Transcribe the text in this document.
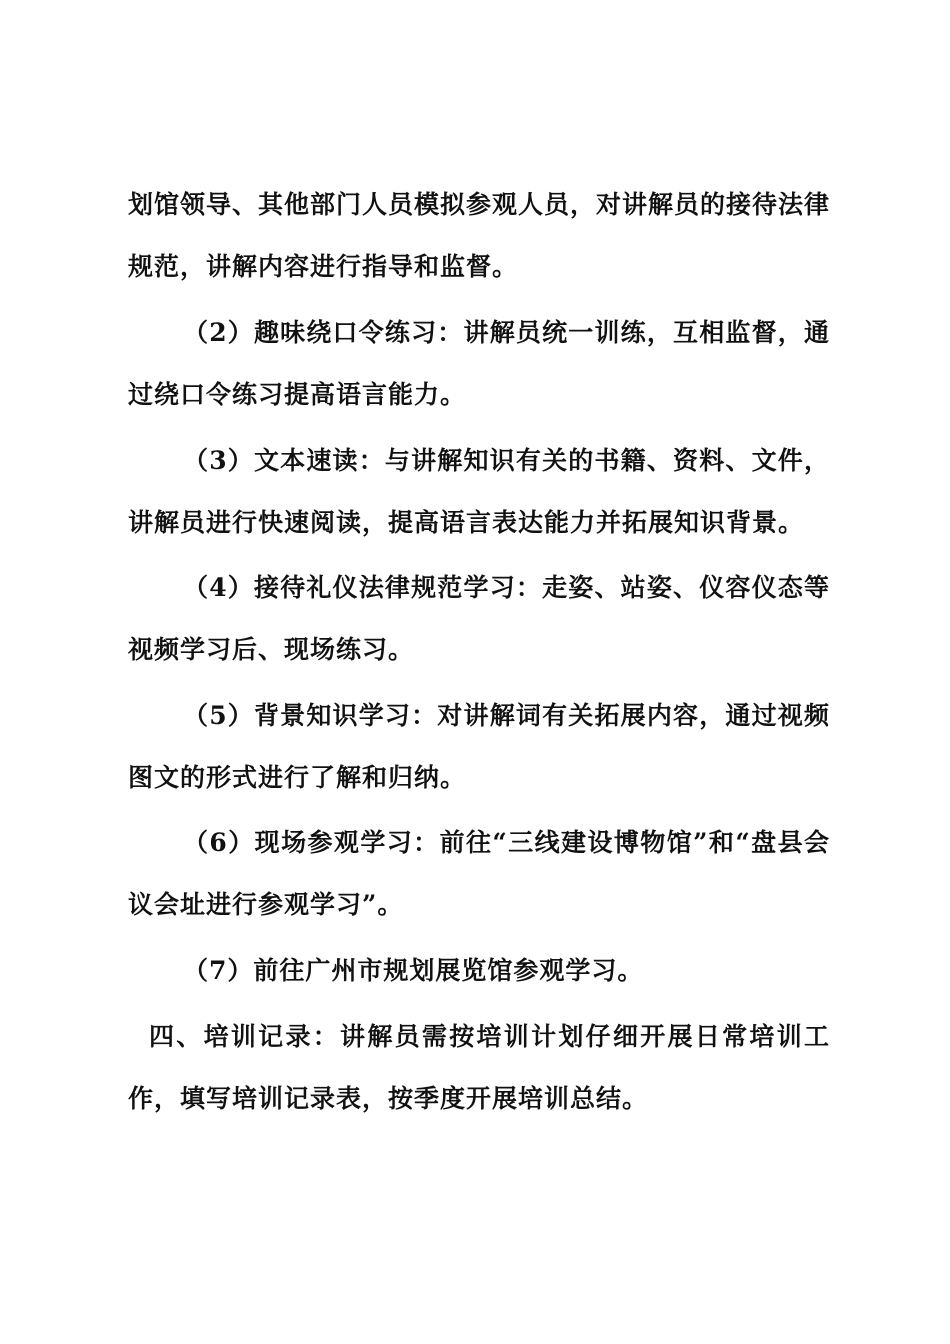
划馆领导、其他部门人员模拟参观人员，对讲解员的接待法律规范，讲解内容进行指导和监督。

（2）趣味绕口令练习：讲解员统一训练，互相监督，通过绕口令练习提高语言能力。

（3）文本速读：与讲解知识有关的书籍、资料、文件，讲解员进行快速阅读，提高语言表达能力并拓展知识背景。

（4）接待礼仪法律规范学习：走姿、站姿、仪容仪态等视频学习后、现场练习。

（5）背景知识学习：对讲解词有关拓展内容，通过视频图文的形式进行了解和归纳。

（6）现场参观学习：前往“三线建设博物馆”和“盘县会议会址进行参观学习”。

（7）前往广州市规划展览馆参观学习。

四、培训记录：讲解员需按培训计划仔细开展日常培训工作，填写培训记录表，按季度开展培训总结。
